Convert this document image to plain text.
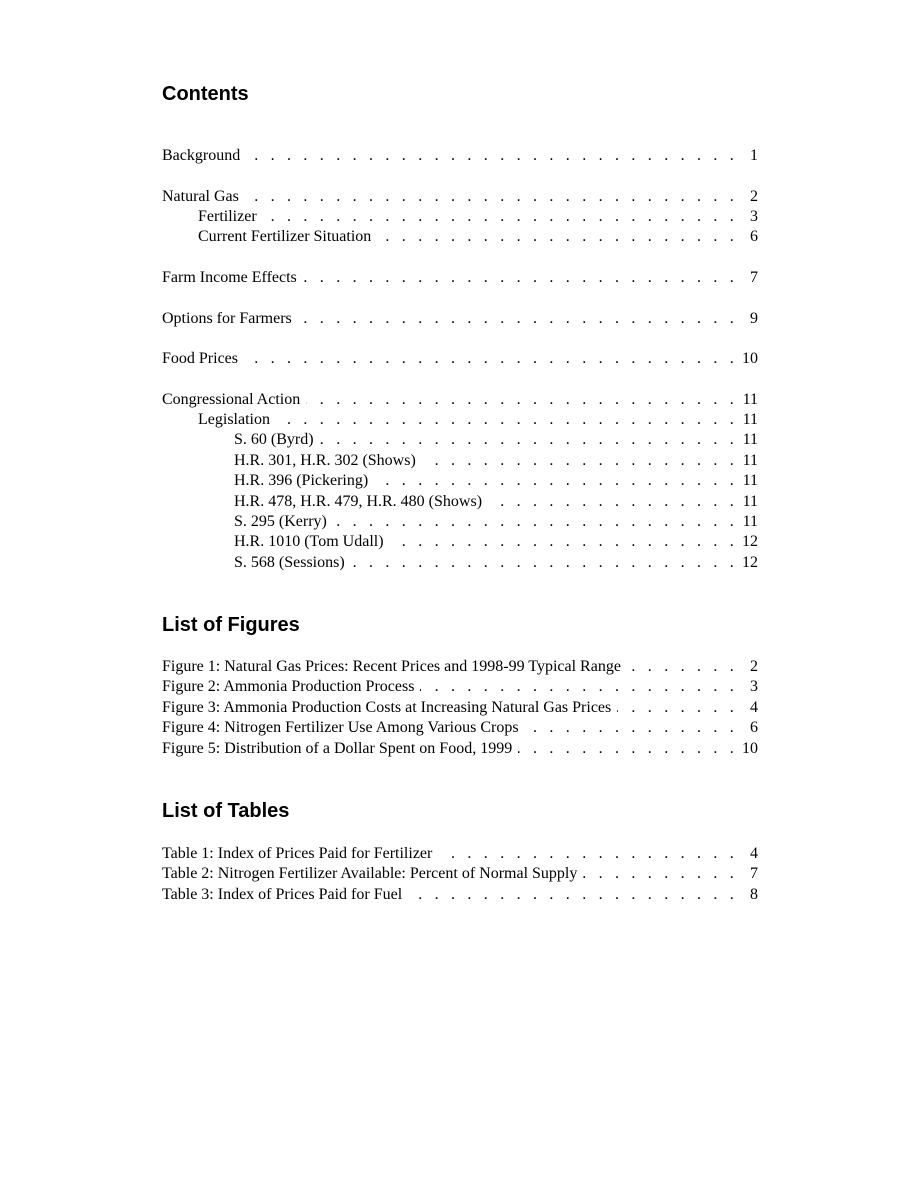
Contents
Background . . .	1
Natural Gas . . .	2
Fertilizer . . .	3
Current Fertilizer Situation . . .	6
Farm Income Effects . . .	7
Options for Farmers . . .	9
Food Prices . . .	10
Congressional Action . . .	11
Legislation . . .	11
S. 60 (Byrd) . . .	11
H.R. 301, H.R. 302 (Shows) . . .	11
H.R. 396 (Pickering) . . .	11
H.R. 478, H.R. 479, H.R. 480 (Shows) . . .	11
S. 295 (Kerry) . . .	11
H.R. 1010 (Tom Udall) . . .	12
S. 568 (Sessions) . . .	12
List of Figures
Figure 1: Natural Gas Prices: Recent Prices and 1998-99 Typical Range . . .	2
Figure 2: Ammonia Production Process . . .	3
Figure 3: Ammonia Production Costs at Increasing Natural Gas Prices . . .	4
Figure 4: Nitrogen Fertilizer Use Among Various Crops . . .	6
Figure 5: Distribution of a Dollar Spent on Food, 1999 . . .	10
List of Tables
Table 1: Index of Prices Paid for Fertilizer . . .	4
Table 2: Nitrogen Fertilizer Available: Percent of Normal Supply . . .	7
Table 3: Index of Prices Paid for Fuel . . .	8
